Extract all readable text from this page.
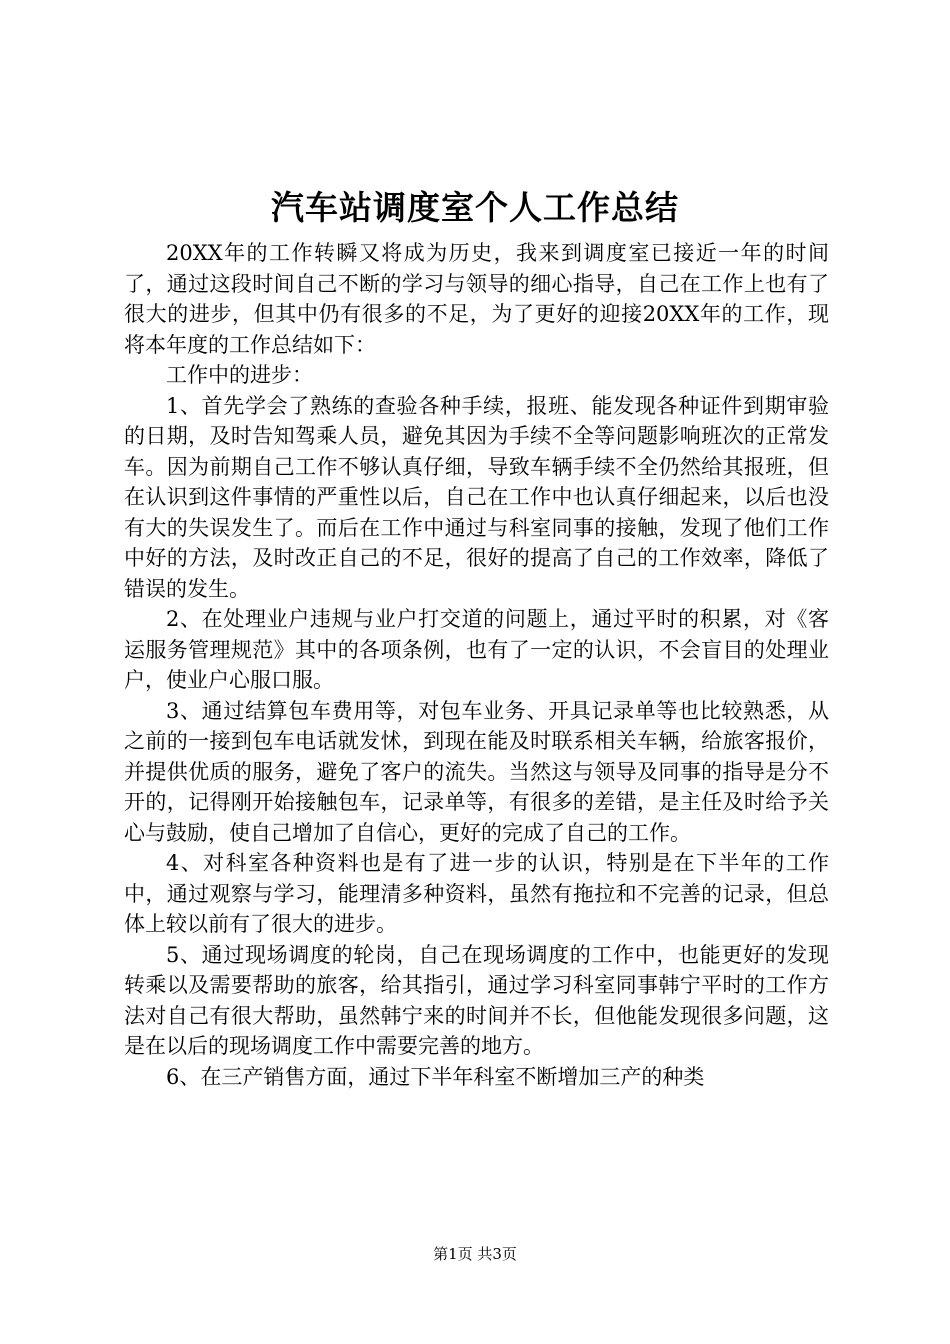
汽车站调度室个人工作总结

20XX年的工作转瞬又将成为历史，我来到调度室已接近一年的时间了，通过这段时间自己不断的学习与领导的细心指导，自己在工作上也有了很大的进步，但其中仍有很多的不足，为了更好的迎接20XX年的工作，现将本年度的工作总结如下：

工作中的进步：

1、首先学会了熟练的查验各种手续，报班、能发现各种证件到期审验的日期，及时告知驾乘人员，避免其因为手续不全等问题影响班次的正常发车。因为前期自己工作不够认真仔细，导致车辆手续不全仍然给其报班，但在认识到这件事情的严重性以后，自己在工作中也认真仔细起来，以后也没有大的失误发生了。而后在工作中通过与科室同事的接触，发现了他们工作中好的方法，及时改正自己的不足，很好的提高了自己的工作效率，降低了错误的发生。

2、在处理业户违规与业户打交道的问题上，通过平时的积累，对《客运服务管理规范》其中的各项条例，也有了一定的认识，不会盲目的处理业户，使业户心服口服。

3、通过结算包车费用等，对包车业务、开具记录单等也比较熟悉，从之前的一接到包车电话就发怵，到现在能及时联系相关车辆，给旅客报价，并提供优质的服务，避免了客户的流失。当然这与领导及同事的指导是分不开的，记得刚开始接触包车，记录单等，有很多的差错，是主任及时给予关心与鼓励，使自己增加了自信心，更好的完成了自己的工作。

4、对科室各种资料也是有了进一步的认识，特别是在下半年的工作中，通过观察与学习，能理清多种资料，虽然有拖拉和不完善的记录，但总体上较以前有了很大的进步。

5、通过现场调度的轮岗，自己在现场调度的工作中，也能更好的发现转乘以及需要帮助的旅客，给其指引，通过学习科室同事韩宁平时的工作方法对自己有很大帮助，虽然韩宁来的时间并不长，但他能发现很多问题，这是在以后的现场调度工作中需要完善的地方。

6、在三产销售方面，通过下半年科室不断增加三产的种类

第1页 共3页
